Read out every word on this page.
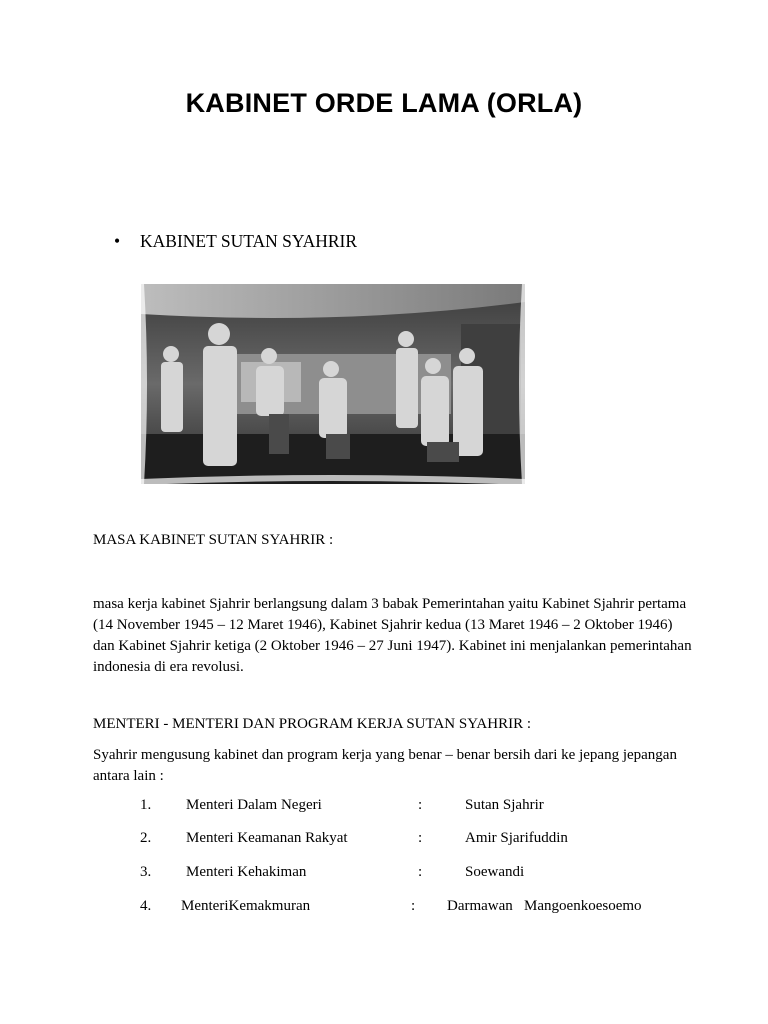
KABINET ORDE LAMA (ORLA)
• KABINET SUTAN SYAHRIR
MASA KABINET SUTAN SYAHRIR :
masa kerja kabinet Sjahrir berlangsung dalam 3 babak Pemerintahan yaitu Kabinet Sjahrir pertama (14 November 1945 – 12 Maret 1946), Kabinet Sjahrir kedua (13 Maret 1946 – 2 Oktober 1946) dan Kabinet Sjahrir ketiga (2 Oktober 1946 – 27 Juni 1947). Kabinet ini menjalankan pemerintahan indonesia di era revolusi.
MENTERI - MENTERI DAN PROGRAM KERJA SUTAN SYAHRIR :
Syahrir mengusung kabinet dan program kerja yang benar – benar bersih dari ke jepang jepangan antara lain :
1. Menteri Dalam Negeri	:	Sutan Sjahrir
2. Menteri Keamanan Rakyat	:	Amir Sjarifuddin
3. Menteri Kehakiman	:	Soewandi
4. MenteriKemakmuran	: Darmawan   Mangoenkoesoemo
